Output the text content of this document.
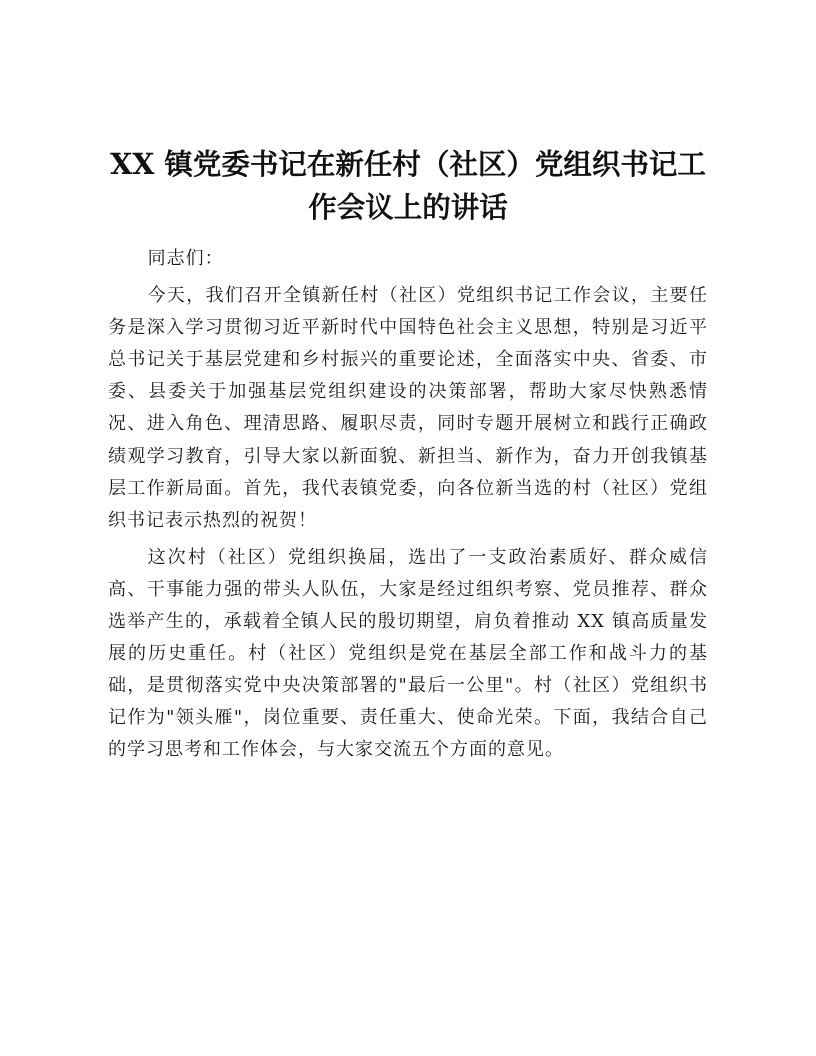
XX 镇党委书记在新任村（社区）党组织书记工作会议上的讲话

同志们：

今天，我们召开全镇新任村（社区）党组织书记工作会议，主要任务是深入学习贯彻习近平新时代中国特色社会主义思想，特别是习近平总书记关于基层党建和乡村振兴的重要论述，全面落实中央、省委、市委、县委关于加强基层党组织建设的决策部署，帮助大家尽快熟悉情况、进入角色、理清思路、履职尽责，同时专题开展树立和践行正确政绩观学习教育，引导大家以新面貌、新担当、新作为，奋力开创我镇基层工作新局面。首先，我代表镇党委，向各位新当选的村（社区）党组织书记表示热烈的祝贺！

这次村（社区）党组织换届，选出了一支政治素质好、群众威信高、干事能力强的带头人队伍，大家是经过组织考察、党员推荐、群众选举产生的，承载着全镇人民的殷切期望，肩负着推动 XX 镇高质量发展的历史重任。村（社区）党组织是党在基层全部工作和战斗力的基础，是贯彻落实党中央决策部署的"最后一公里"。村（社区）党组织书记作为"领头雁"，岗位重要、责任重大、使命光荣。下面，我结合自己的学习思考和工作体会，与大家交流五个方面的意见。
